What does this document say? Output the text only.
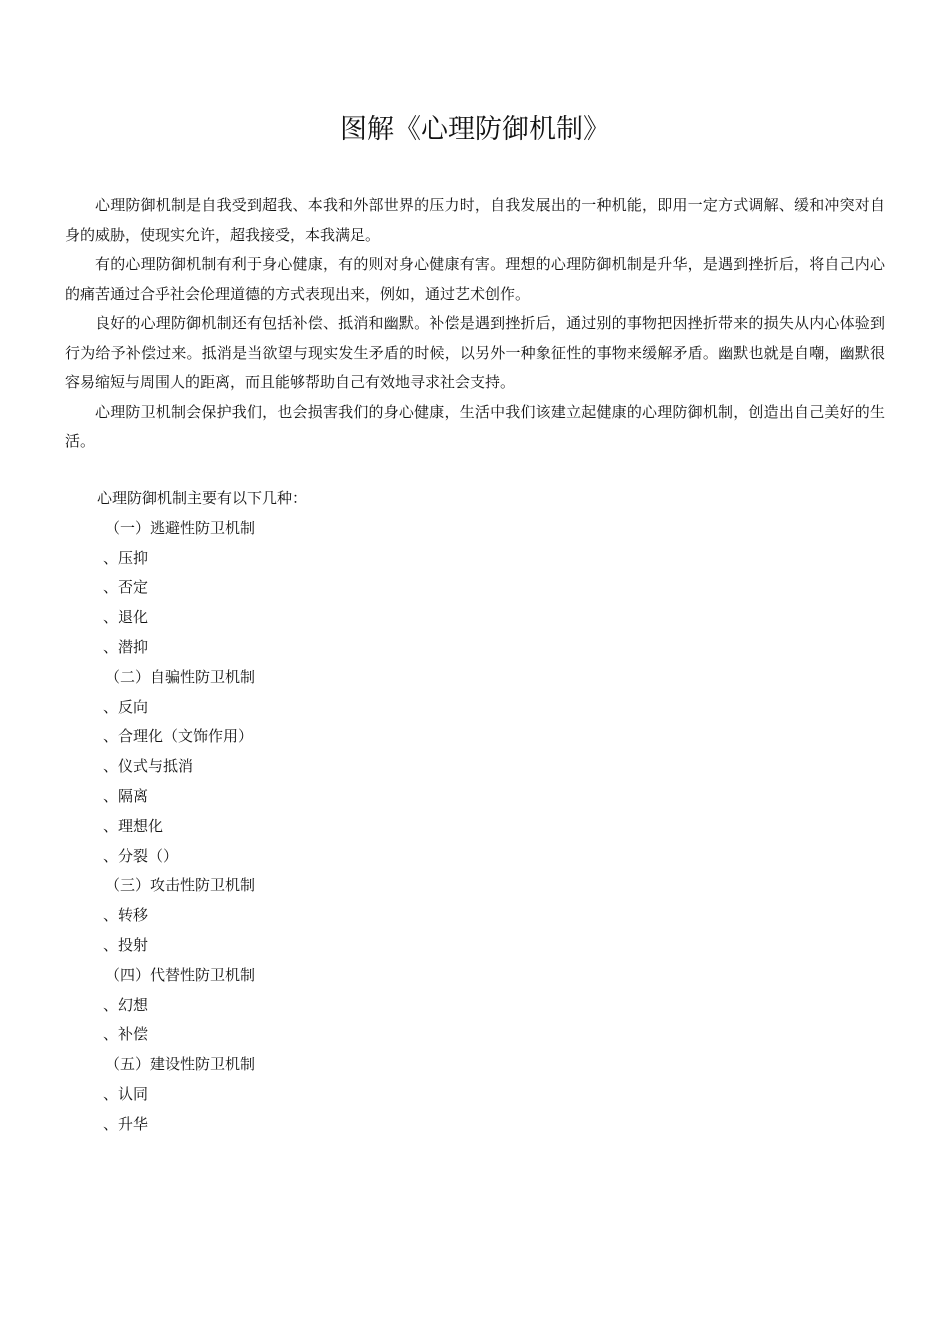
图解《心理防御机制》

心理防御机制是自我受到超我、本我和外部世界的压力时，自我发展出的一种机能，即用一定方式调解、缓和冲突对自身的威胁，使现实允许，超我接受，本我满足。

有的心理防御机制有利于身心健康，有的则对身心健康有害。理想的心理防御机制是升华，是遇到挫折后，将自己内心的痛苦通过合乎社会伦理道德的方式表现出来，例如，通过艺术创作。

良好的心理防御机制还有包括补偿、抵消和幽默。补偿是遇到挫折后，通过别的事物把因挫折带来的损失从内心体验到行为给予补偿过来。抵消是当欲望与现实发生矛盾的时候，以另外一种象征性的事物来缓解矛盾。幽默也就是自嘲，幽默很容易缩短与周围人的距离，而且能够帮助自己有效地寻求社会支持。

心理防卫机制会保护我们，也会损害我们的身心健康，生活中我们该建立起健康的心理防御机制，创造出自己美好的生活。

心理防御机制主要有以下几种：

（一）逃避性防卫机制
、压抑
、否定
、退化
、潜抑
（二）自骗性防卫机制
、反向
、合理化（文饰作用）
、仪式与抵消
、隔离
、理想化
、分裂（）
（三）攻击性防卫机制
、转移
、投射
（四）代替性防卫机制
、幻想
、补偿
（五）建设性防卫机制
、认同
、升华
